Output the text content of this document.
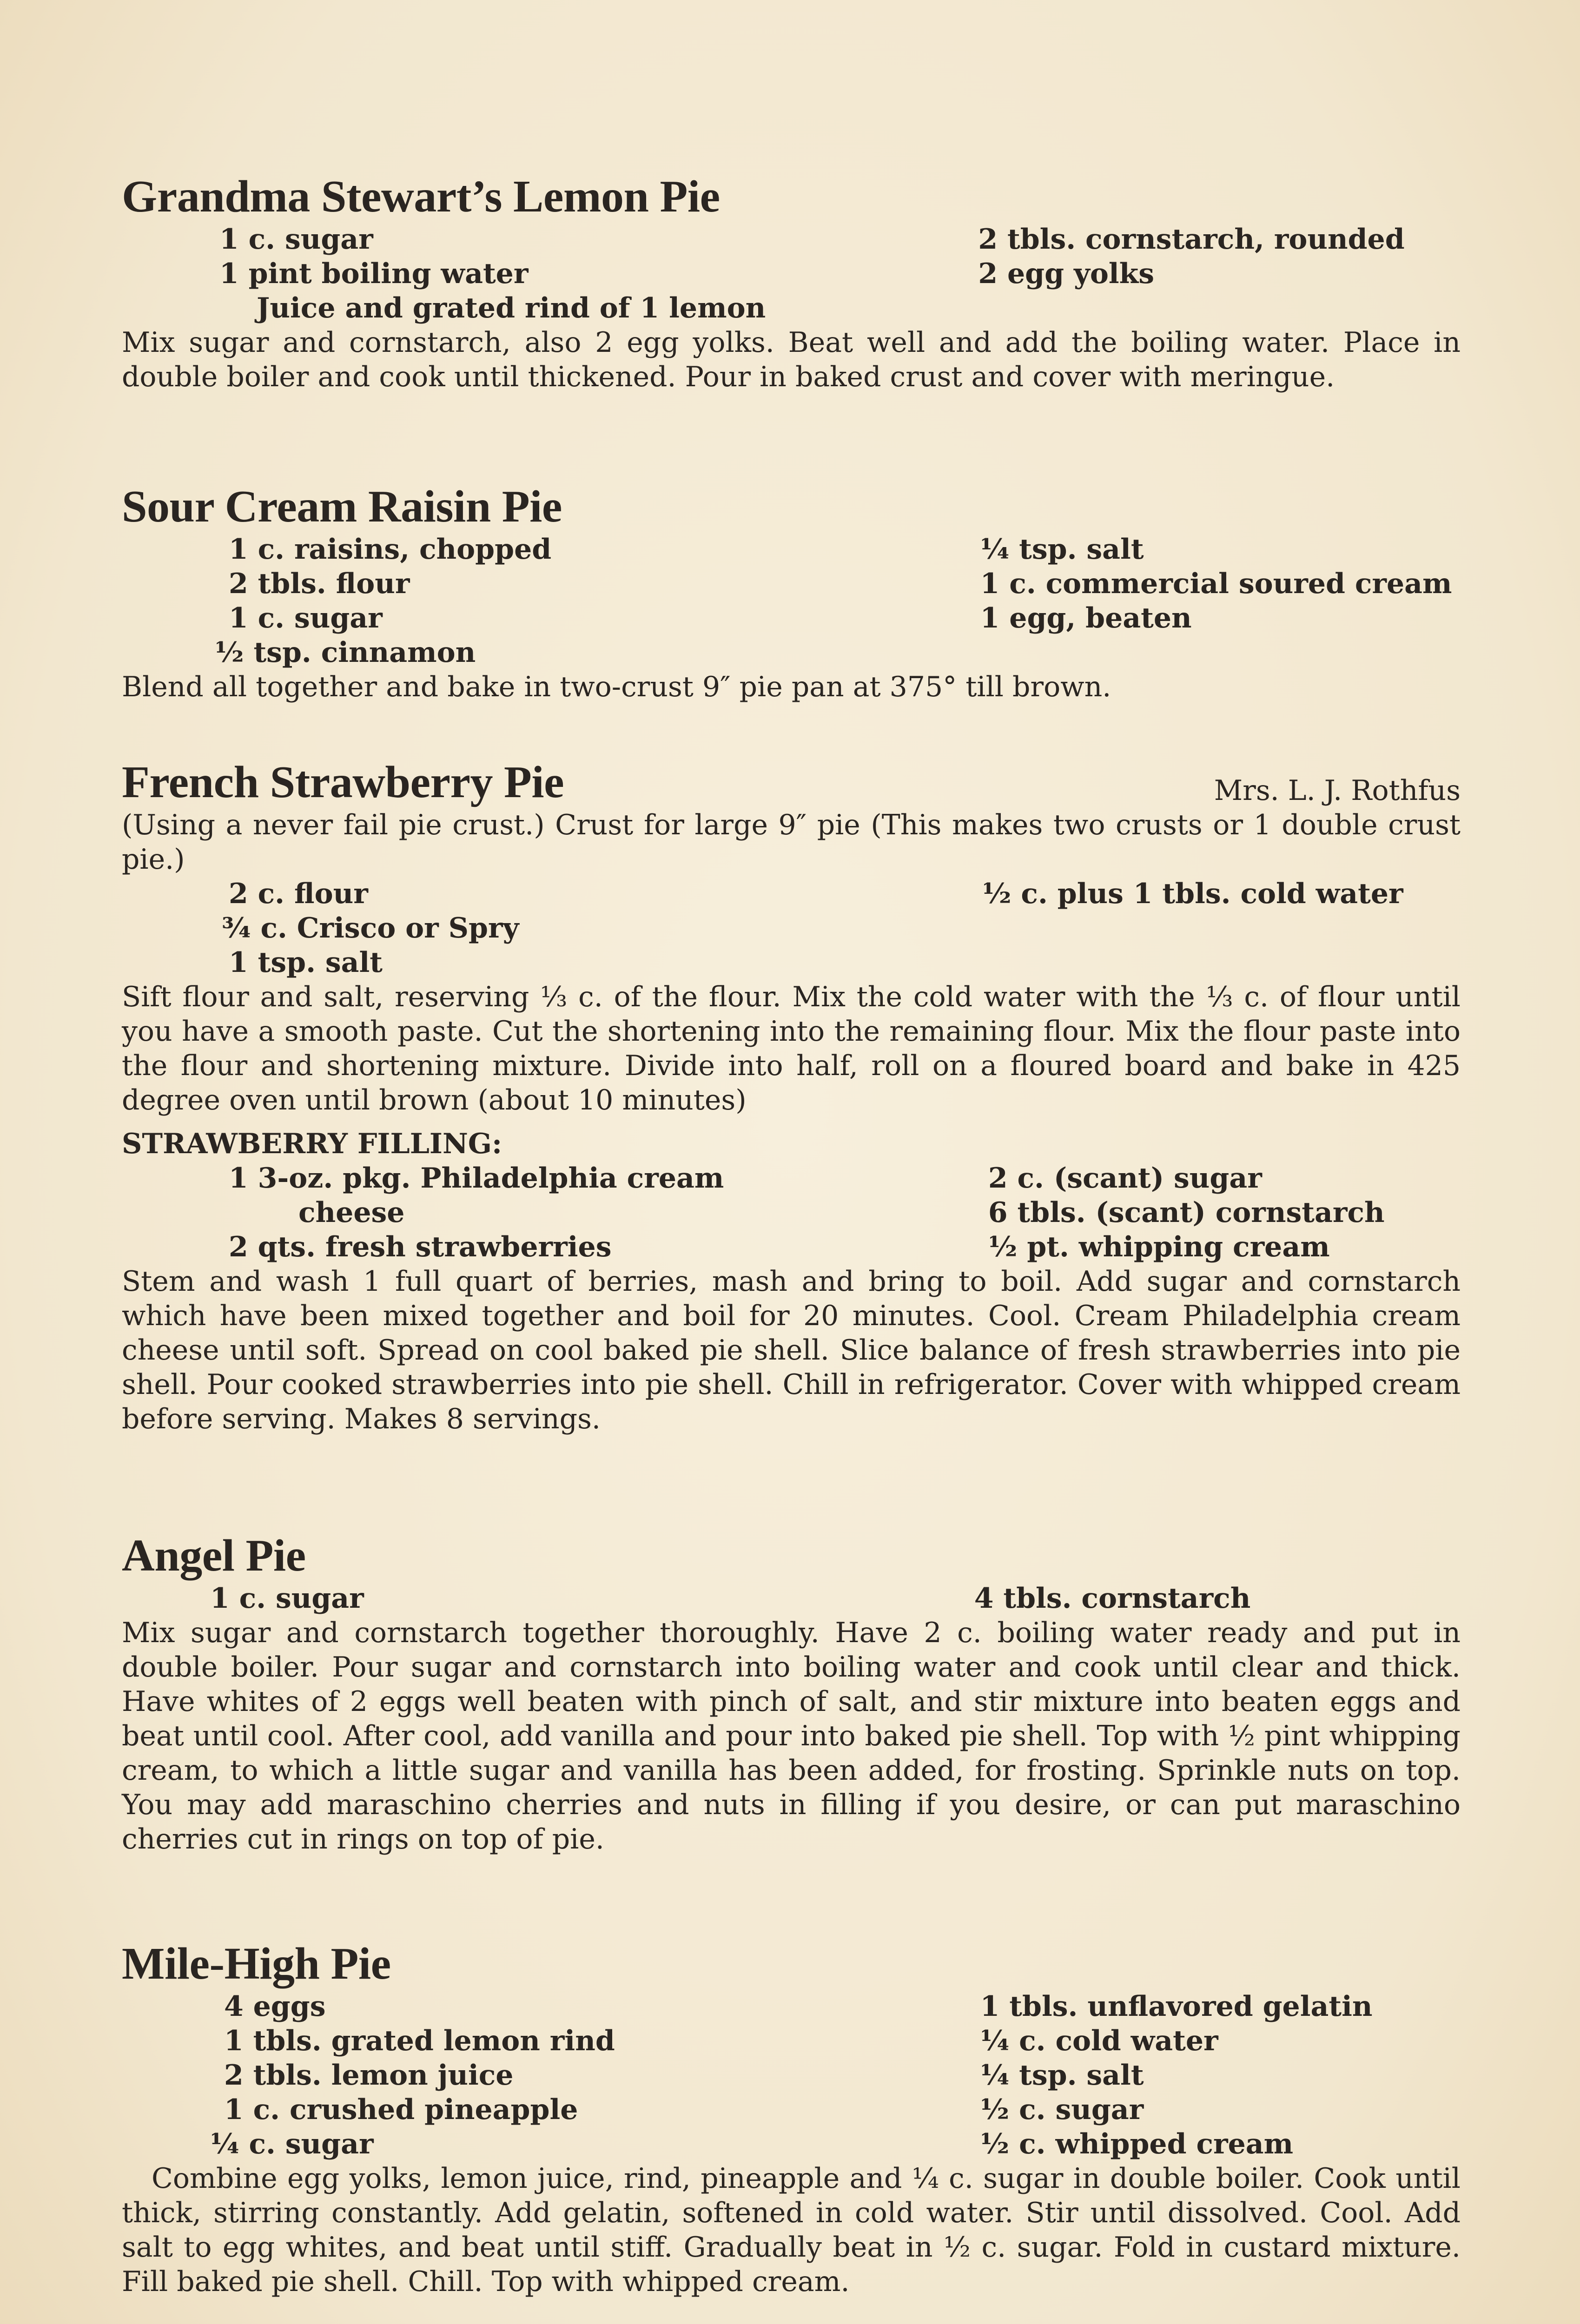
Grandma Stewart’s Lemon Pie
1 c. sugar
1 pint boiling water
2 tbls. cornstarch, rounded
2 egg yolks
Juice and grated rind of 1 lemon
Mix sugar and cornstarch, also 2 egg yolks. Beat well and add the boiling water. Place in double boiler and cook until thickened. Pour in baked crust and cover with meringue.
Sour Cream Raisin Pie
1 c. raisins, chopped
2 tbls. flour
1 c. sugar
½ tsp. cinnamon
¼ tsp. salt
1 c. commercial soured cream
1 egg, beaten
Blend all together and bake in two-crust 9″ pie pan at 375° till brown.
French Strawberry Pie	Mrs. L. J. Rothfus
(Using a never fail pie crust.) Crust for large 9″ pie (This makes two crusts or 1 double crust pie.)
2 c. flour
¾ c. Crisco or Spry
1 tsp. salt
½ c. plus 1 tbls. cold water
Sift flour and salt, reserving ⅓ c. of the flour. Mix the cold water with the ⅓ c. of flour until you have a smooth paste. Cut the shortening into the remaining flour. Mix the flour paste into the flour and shortening mixture. Divide into half, roll on a floured board and bake in 425 degree oven until brown (about 10 minutes)
STRAWBERRY FILLING:
1 3-oz. pkg. Philadelphia cream
cheese
2 qts. fresh strawberries
2 c. (scant) sugar
6 tbls. (scant) cornstarch
½ pt. whipping cream
Stem and wash 1 full quart of berries, mash and bring to boil. Add sugar and cornstarch which have been mixed together and boil for 20 minutes. Cool. Cream Philadelphia cream cheese until soft. Spread on cool baked pie shell. Slice balance of fresh strawberries into pie shell. Pour cooked strawberries into pie shell. Chill in refrigerator. Cover with whipped cream before serving. Makes 8 servings.
Angel Pie
1 c. sugar	4 tbls. cornstarch
Mix sugar and cornstarch together thoroughly. Have 2 c. boiling water ready and put in double boiler. Pour sugar and cornstarch into boiling water and cook until clear and thick. Have whites of 2 eggs well beaten with pinch of salt, and stir mixture into beaten eggs and beat until cool. After cool, add vanilla and pour into baked pie shell. Top with ½ pint whipping cream, to which a little sugar and vanilla has been added, for frosting. Sprinkle nuts on top. You may add maraschino cherries and nuts in filling if you desire, or can put maraschino cherries cut in rings on top of pie.
Mile-High Pie
4 eggs
1 tbls. grated lemon rind
2 tbls. lemon juice
1 c. crushed pineapple
¼ c. sugar
1 tbls. unflavored gelatin
¼ c. cold water
¼ tsp. salt
½ c. sugar
½ c. whipped cream
Combine egg yolks, lemon juice, rind, pineapple and ¼ c. sugar in double boiler. Cook until thick, stirring constantly. Add gelatin, softened in cold water. Stir until dissolved. Cool. Add salt to egg whites, and beat until stiff. Gradually beat in ½ c. sugar. Fold in custard mixture. Fill baked pie shell. Chill. Top with whipped cream.
